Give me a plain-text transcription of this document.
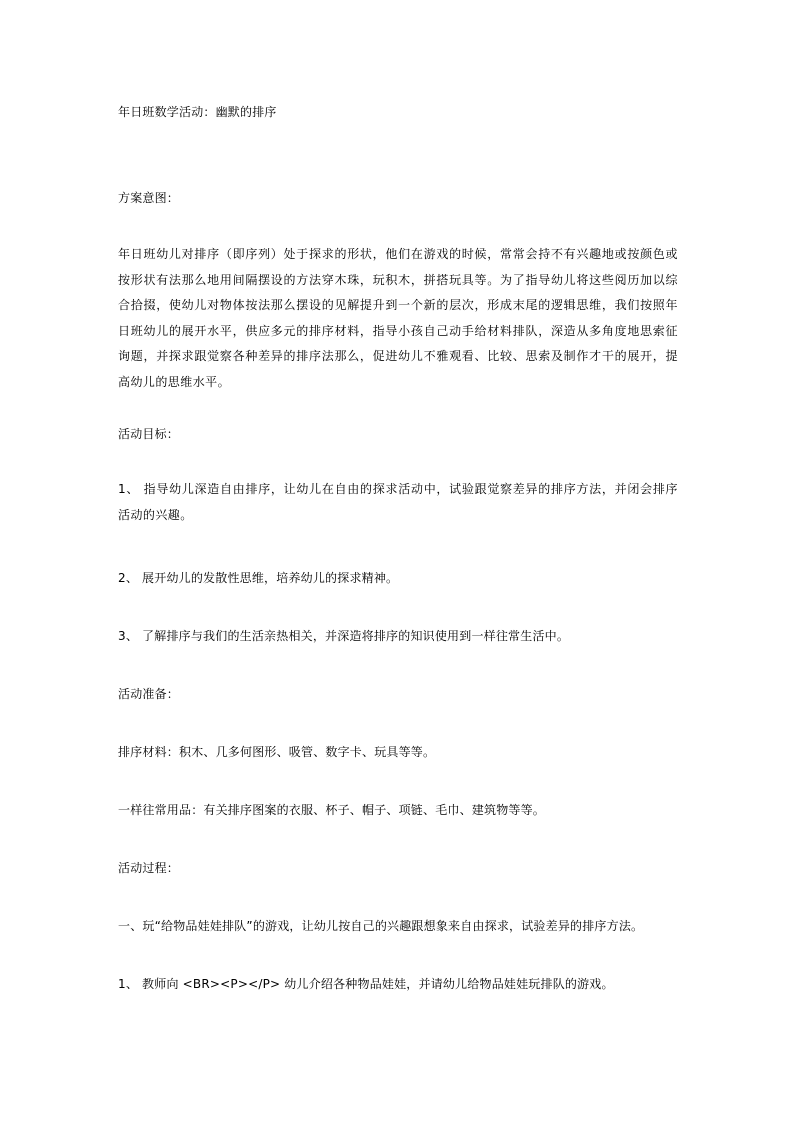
年日班数学活动：幽默的排序
方案意图：
年日班幼儿对排序（即序列）处于探求的形状，他们在游戏的时候，常常会持不有兴趣地或按颜色或按形状有法那么地用间隔摆设的方法穿木珠，玩积木，拼搭玩具等。为了指导幼儿将这些阅历加以综合拾掇，使幼儿对物体按法那么摆设的见解提升到一个新的层次，形成末尾的逻辑思维，我们按照年日班幼儿的展开水平，供应多元的排序材料，指导小孩自己动手给材料排队，深造从多角度地思索征询题，并探求跟觉察各种差异的排序法那么，促进幼儿不雅观看、比较、思索及制作才干的展开，提高幼儿的思维水平。
活动目标：
1、 指导幼儿深造自由排序，让幼儿在自由的探求活动中，试验跟觉察差异的排序方法，并闭会排序活动的兴趣。
2、 展开幼儿的发散性思维，培养幼儿的探求精神。
3、 了解排序与我们的生活亲热相关，并深造将排序的知识使用到一样往常生活中。
活动准备：
排序材料：积木、几多何图形、吸管、数字卡、玩具等等。
一样往常用品：有关排序图案的衣服、杯子、帽子、项链、毛巾、建筑物等等。
活动过程：
一、玩“给物品娃娃排队”的游戏，让幼儿按自己的兴趣跟想象来自由探求，试验差异的排序方法。
1、 教师向 <BR><P></P> 幼儿介绍各种物品娃娃，并请幼儿给物品娃娃玩排队的游戏。
